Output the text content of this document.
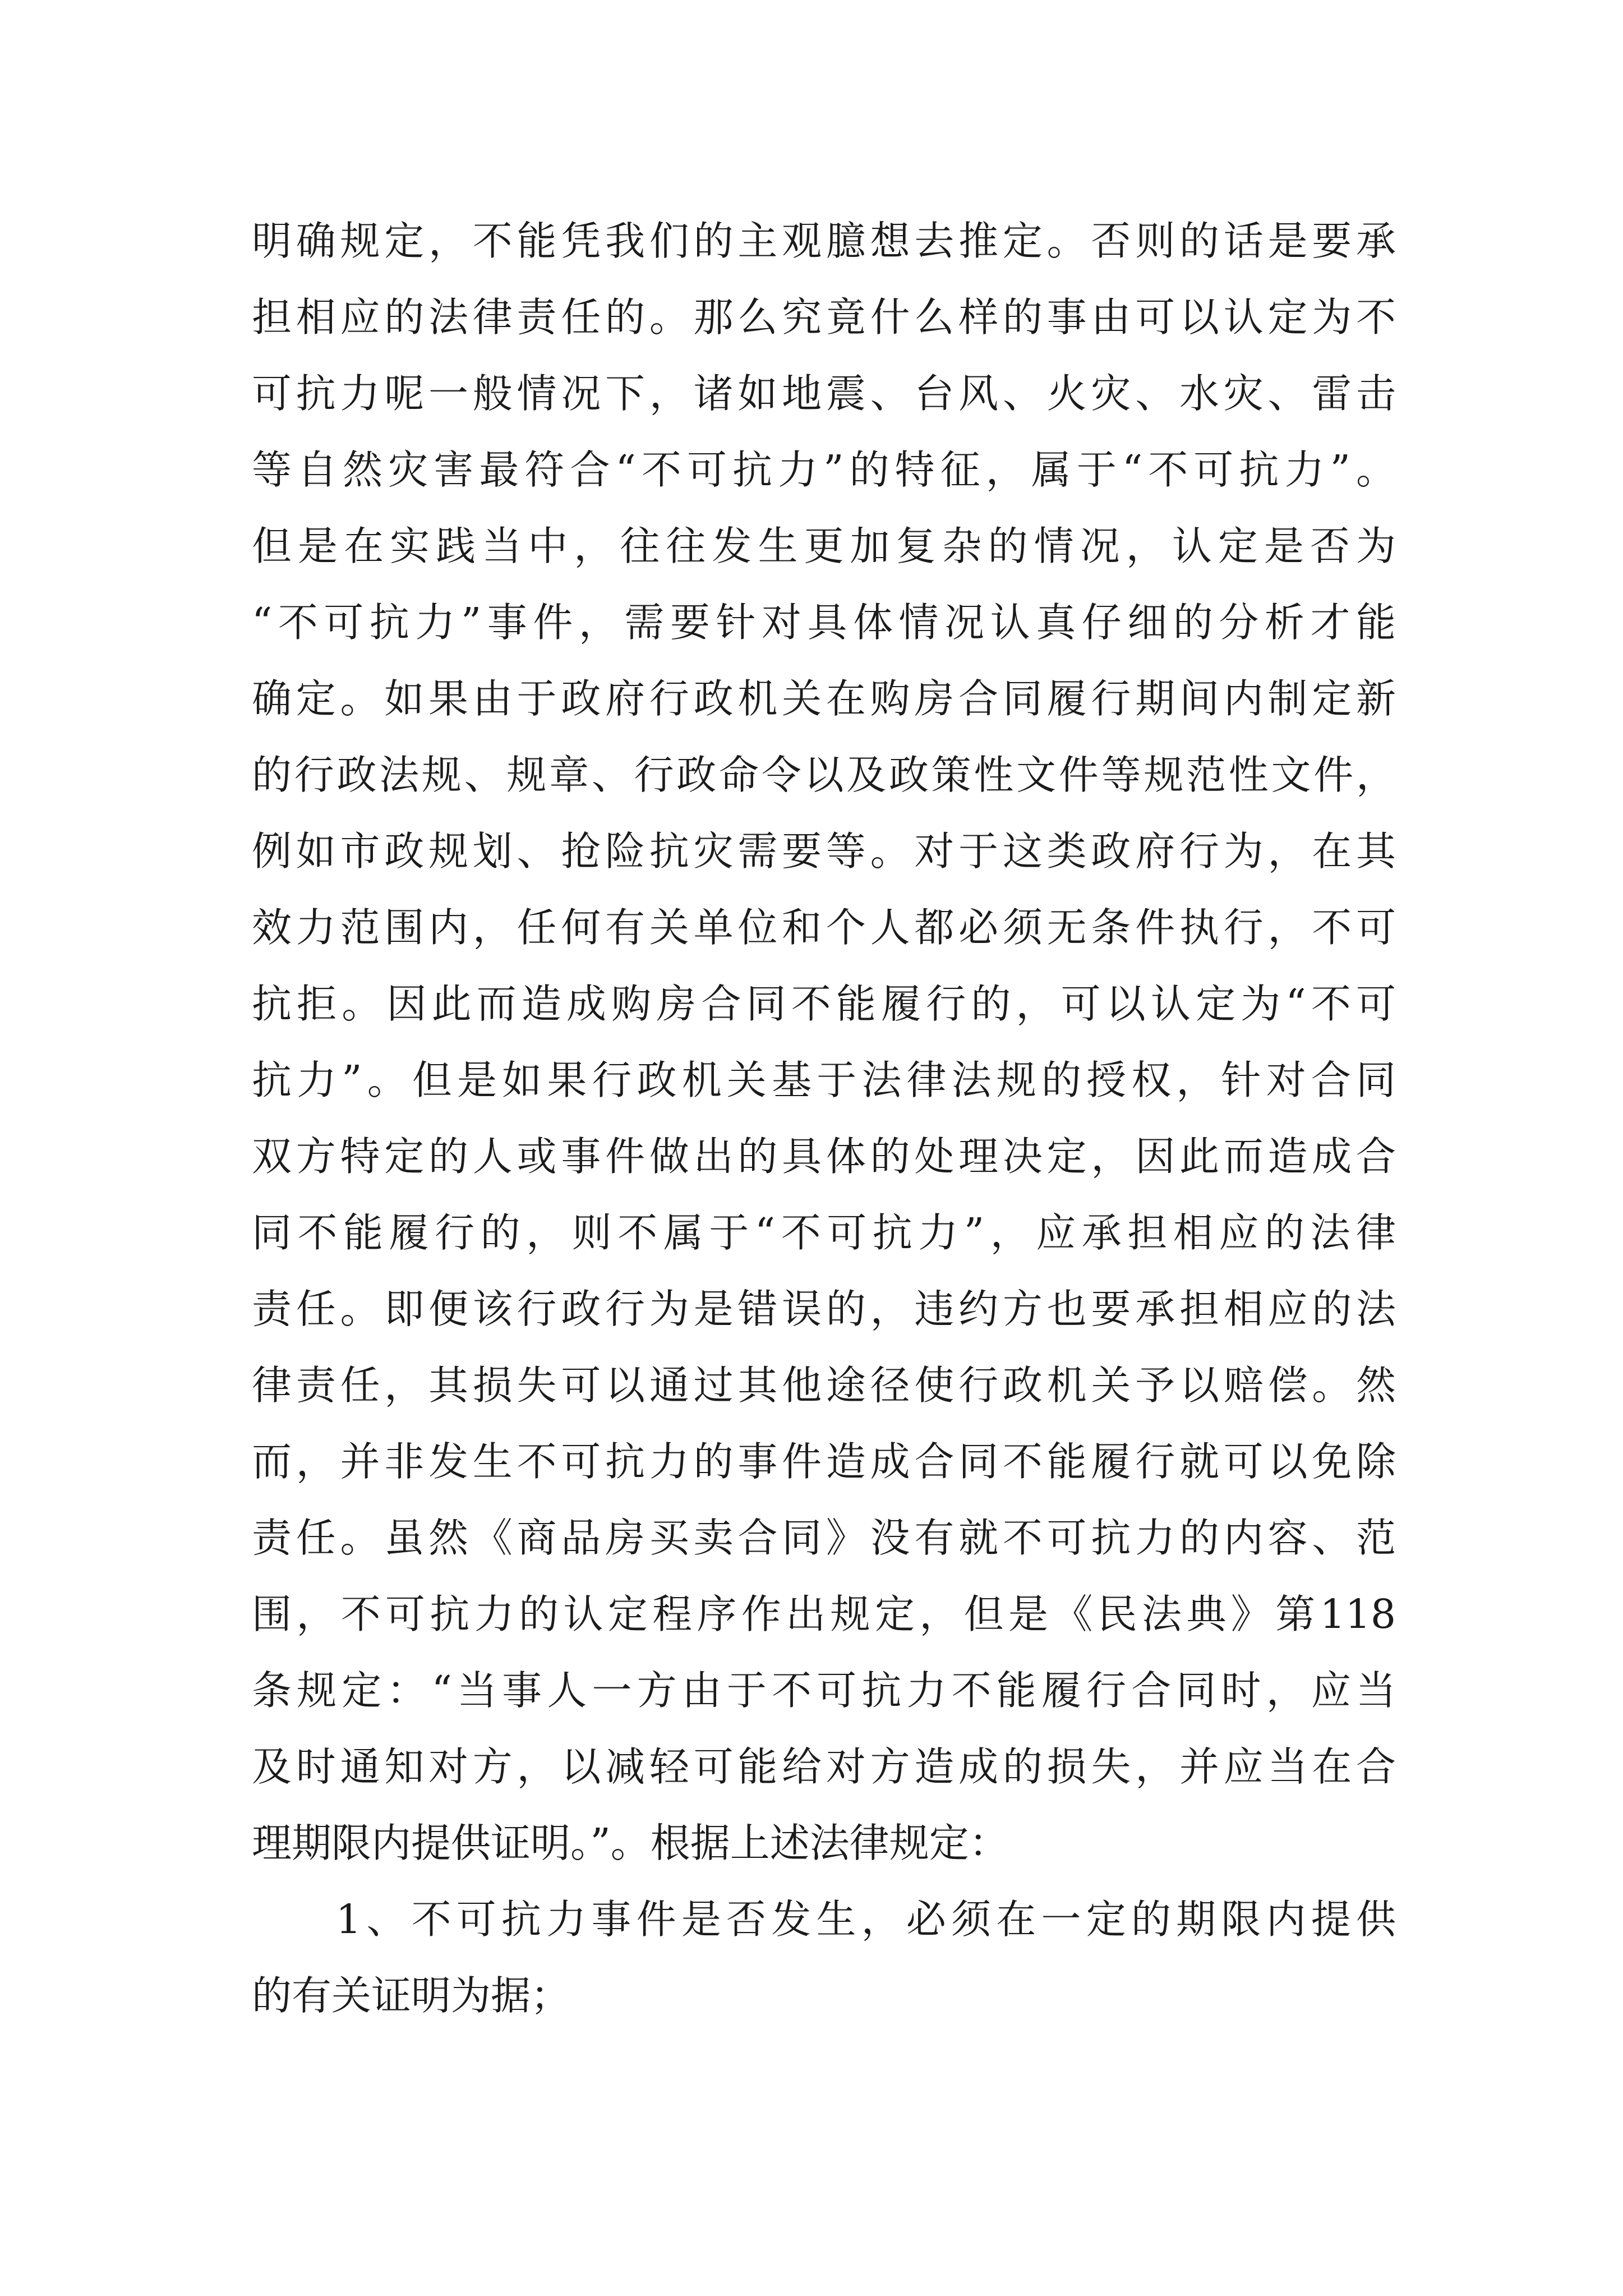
明确规定，不能凭我们的主观臆想去推定。否则的话是要承
担相应的法律责任的。那么究竟什么样的事由可以认定为不
可抗力呢一般情况下，诸如地震、台风、火灾、水灾、雷击
等自然灾害最符合“不可抗力”的特征，属于“不可抗力”。
但是在实践当中，往往发生更加复杂的情况，认定是否为
“不可抗力”事件，需要针对具体情况认真仔细的分析才能
确定。如果由于政府行政机关在购房合同履行期间内制定新
的行政法规、规章、行政命令以及政策性文件等规范性文件，
例如市政规划、抢险抗灾需要等。对于这类政府行为，在其
效力范围内，任何有关单位和个人都必须无条件执行，不可
抗拒。因此而造成购房合同不能履行的，可以认定为“不可
抗力”。但是如果行政机关基于法律法规的授权，针对合同
双方特定的人或事件做出的具体的处理决定，因此而造成合
同不能履行的，则不属于“不可抗力”，应承担相应的法律
责任。即便该行政行为是错误的，违约方也要承担相应的法
律责任，其损失可以通过其他途径使行政机关予以赔偿。然
而，并非发生不可抗力的事件造成合同不能履行就可以免除
责任。虽然《商品房买卖合同》没有就不可抗力的内容、范
围，不可抗力的认定程序作出规定，但是《民法典》第118
条规定：“当事人一方由于不可抗力不能履行合同时，应当
及时通知对方，以减轻可能给对方造成的损失，并应当在合
理期限内提供证明。”。根据上述法律规定：
1、不可抗力事件是否发生，必须在一定的期限内提供
的有关证明为据；
